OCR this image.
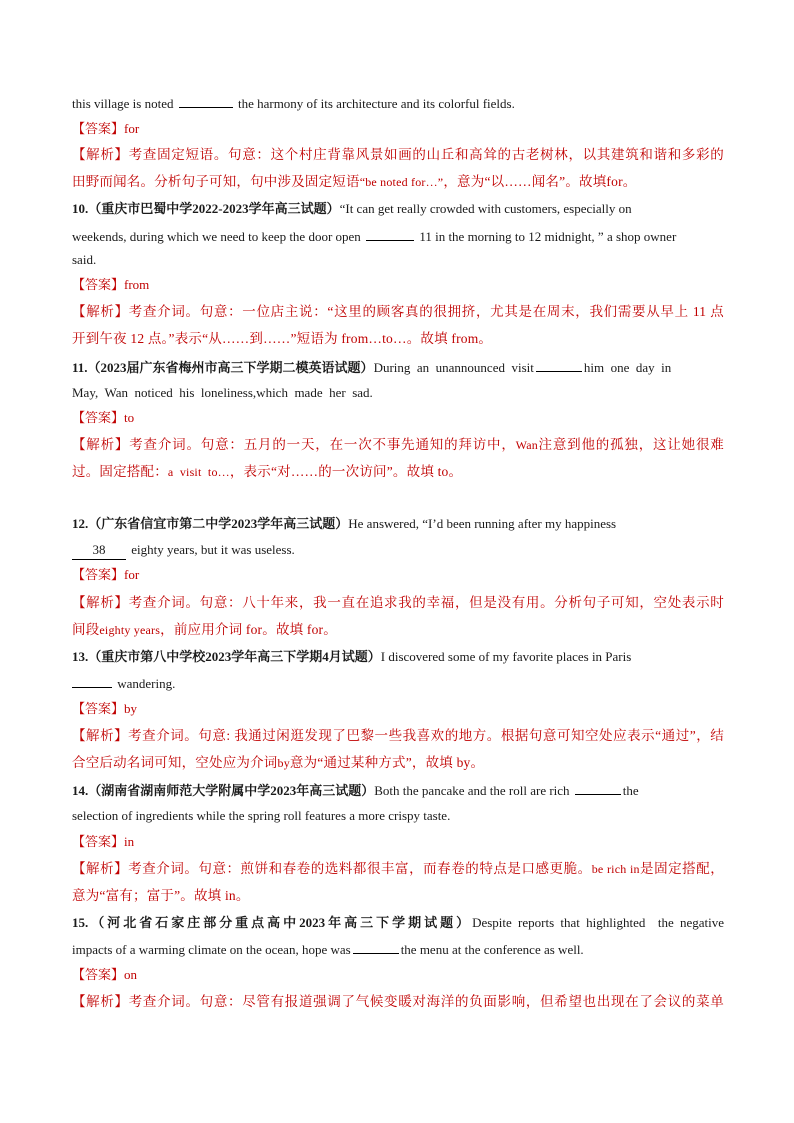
this village is noted	the harmony of its architecture and its colorful fields.
【答案】for
【解析】考查固定短语。句意：这个村庄背靠风景如画的山丘和高耸的古老树林，以其建筑和谐和多彩的
田野而闻名。分析句子可知，句中涉及固定短语“be noted for…”，意为“以……闻名”。故填for。
10.（重庆市巴蜀中学2022-2023学年高三试题）“It can get really crowded with customers, especially on
weekends, during which we need to keep the door open	11 in the morning to 12 midnight, ” a shop owner
said.
【答案】from
【解析】考查介词。句意：一位店主说：“这里的顾客真的很拥挤，尤其是在周末，我们需要从早上 11 点
开到午夜 12 点。”表示“从……到……”短语为 from…to…。故填 from。
11.（2023届广东省梅州市高三下学期二模英语试题）During  an  unannounced  visit	him  one  day  in
May,  Wan  noticed  his  loneliness,which  made  her  sad.
【答案】to
【解析】考查介词。句意：五月的一天，在一次不事先通知的拜访中，Wan注意到他的孤独，这让她很难
过。固定搭配：a  visit  to…，表示“对……的一次访问”。故填 to。
12.（广东省信宜市第二中学2023学年高三试题）He answered, “I’d been running after my happiness
38 eighty years, but it was useless.
【答案】for
【解析】考查介词。句意：八十年来，我一直在追求我的幸福，但是没有用。分析句子可知，空处表示时
间段eighty years，前应用介词 for。故填 for。
13.（重庆市第八中学校2023学年高三下学期4月试题）I discovered some of my favorite places in Paris
wandering.
【答案】by
【解析】考查介词。句意: 我通过闲逛发现了巴黎一些我喜欢的地方。根据句意可知空处应表示“通过”，结
合空后动名词可知，空处应为介词by意为“通过某种方式”，故填 by。
14.（湖南省湖南师范大学附属中学2023年高三试题）Both the pancake and the roll are rich	the
selection of ingredients while the spring roll features a more crispy taste.
【答案】in
【解析】考查介词。句意：煎饼和春卷的选料都很丰富，而春卷的特点是口感更脆。be rich in是固定搭配，
意为“富有；富于”。故填 in。
15.（河北省石家庄部分重点高中2023年高三下学期试题）Despite reports that highlighted  the negative
impacts of a warming climate on the ocean, hope was	the menu at the conference as well.
【答案】on
【解析】考查介词。句意：尽管有报道强调了气候变暖对海洋的负面影响，但希望也出现在了会议的菜单
